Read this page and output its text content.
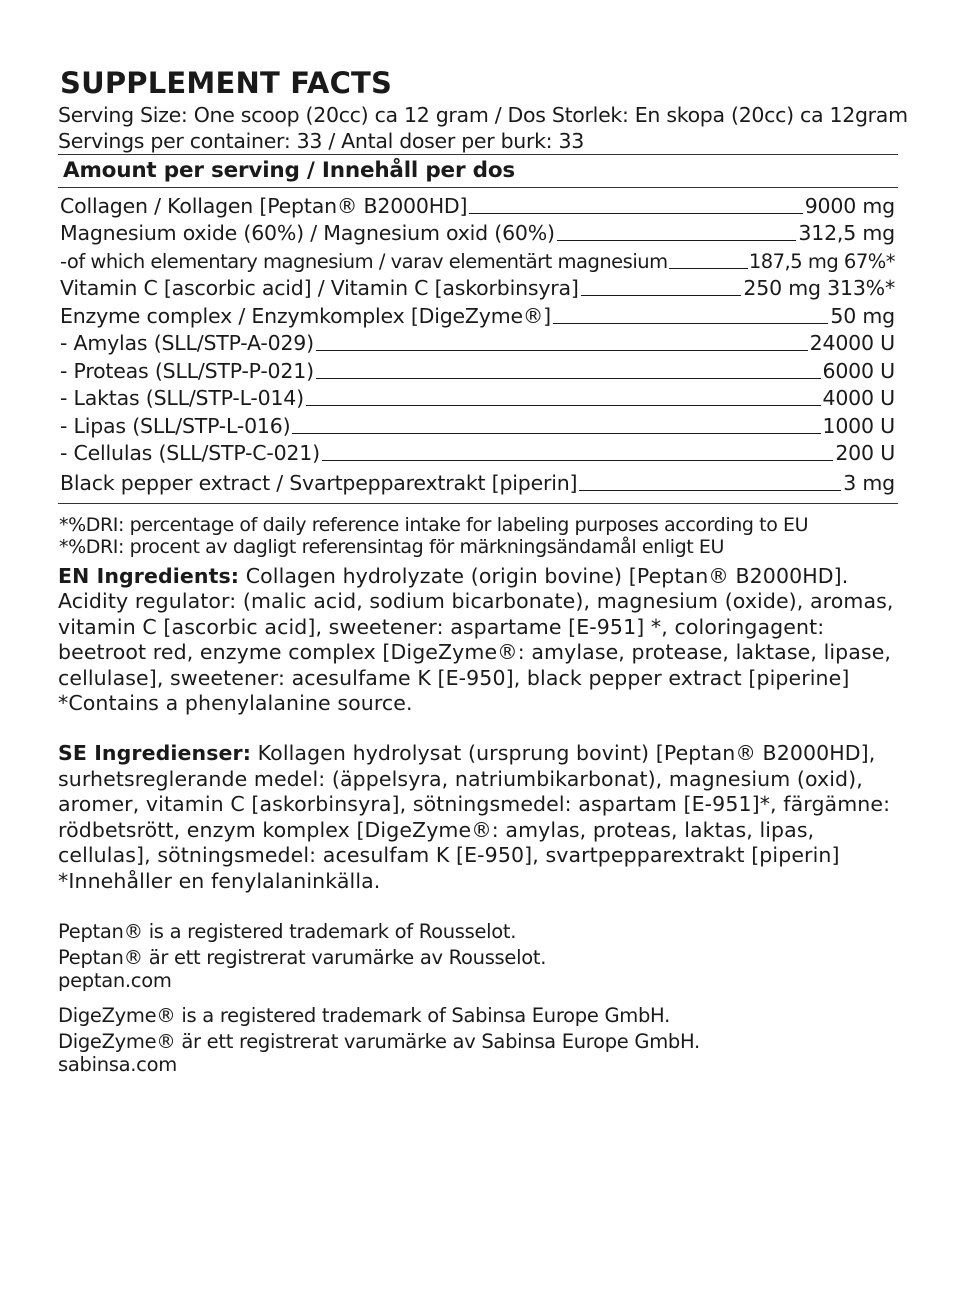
SUPPLEMENT FACTS
Serving Size: One scoop (20cc) ca 12 gram / Dos Storlek: En skopa (20cc) ca 12gram
Servings per container: 33 / Antal doser per burk: 33
Amount per serving / Innehåll per dos
Collagen / Kollagen [Peptan® B2000HD]	9000 mg
Magnesium oxide (60%) / Magnesium oxid (60%)	312,5 mg
-of which elementary magnesium / varav elementärt magnesium	187,5 mg 67%*
Vitamin C [ascorbic acid] / Vitamin C [askorbinsyra]	250 mg 313%*
Enzyme complex / Enzymkomplex [DigeZyme®]	50 mg
- Amylas (SLL/STP-A-029)	24000 U
- Proteas (SLL/STP-P-021)	6000 U
- Laktas (SLL/STP-L-014)	4000 U
- Lipas (SLL/STP-L-016)	1000 U
- Cellulas (SLL/STP-C-021)	200 U
Black pepper extract / Svartpepparextrakt [piperin]	3 mg
*%DRI: percentage of daily reference intake for labeling purposes according to EU
*%DRI: procent av dagligt referensintag för märkningsändamål enligt EU
EN Ingredients: Collagen hydrolyzate (origin bovine) [Peptan® B2000HD]. Acidity regulator: (malic acid, sodium bicarbonate), magnesium (oxide), aromas, vitamin C [ascorbic acid], sweetener: aspartame [E-951] *, coloringagent: beetroot red, enzyme complex [DigeZyme®: amylase, protease, laktase, lipase, cellulase], sweetener: acesulfame K [E-950], black pepper extract [piperine] *Contains a phenylalanine source.
SE Ingredienser: Kollagen hydrolysat (ursprung bovint) [Peptan® B2000HD], surhetsreglerande medel: (äppelsyra, natriumbikarbonat), magnesium (oxid), aromer, vitamin C [askorbinsyra], sötningsmedel: aspartam [E-951]*, färgämne: rödbetsrött, enzym komplex [DigeZyme®: amylas, proteas, laktas, lipas, cellulas], sötningsmedel: acesulfam K [E-950], svartpepparextrakt [piperin] *Innehåller en fenylalaninkälla.
Peptan® is a registered trademark of Rousselot.
Peptan® är ett registrerat varumärke av Rousselot.
peptan.com
DigeZyme® is a registered trademark of Sabinsa Europe GmbH.
DigeZyme® är ett registrerat varumärke av Sabinsa Europe GmbH.
sabinsa.com
